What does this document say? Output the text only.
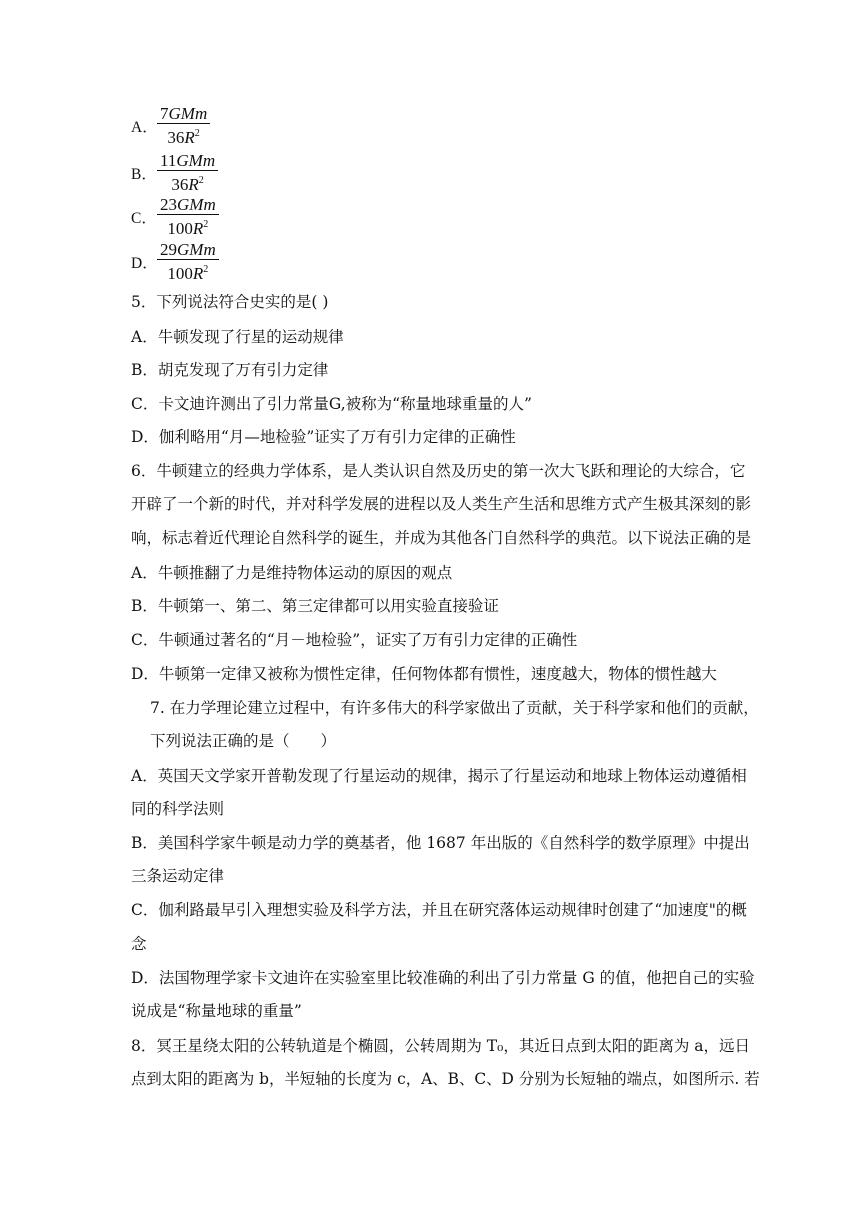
A． $\frac{\text{7GMm}}{36R^2}$
B． $\frac{\text{11GMm}}{36R^2}$
C． $\frac{\text{23GMm}}{100R^2}$
D． $\frac{\text{29GMm}}{100R^2}$
5．下列说法符合史实的是( )
A．牛顿发现了行星的运动规律
B．胡克发现了万有引力定律
C．卡文迪许测出了引力常量G,被称为“称量地球重量的人”
D．伽利略用“月—地检验”证实了万有引力定律的正确性
6．牛顿建立的经典力学体系，是人类认识自然及历史的第一次大飞跃和理论的大综合，它
开辟了一个新的时代，并对科学发展的进程以及人类生产生活和思维方式产生极其深刻的影
响，标志着近代理论自然科学的诞生，并成为其他各门自然科学的典范。以下说法正确的是
A．牛顿推翻了力是维持物体运动的原因的观点
B．牛顿第一、第二、第三定律都可以用实验直接验证
C．牛顿通过著名的“月－地检验”，证实了万有引力定律的正确性
D．牛顿第一定律又被称为惯性定律，任何物体都有惯性，速度越大，物体的惯性越大
7. 在力学理论建立过程中，有许多伟大的科学家做出了贡献，关于科学家和他们的贡献，
下列说法正确的是（　　）
A．英国天文学家开普勒发现了行星运动的规律，揭示了行星运动和地球上物体运动遵循相
同的科学法则
B．美国科学家牛顿是动力学的奠基者，他 1687 年出版的《自然科学的数学原理》中提出
三条运动定律
C．伽利路最早引入理想实验及科学方法，并且在研究落体运动规律时创建了“加速度"的概
念
D．法国物理学家卡文迪许在实验室里比较准确的利出了引力常量 G 的值，他把自己的实验
说成是“称量地球的重量”
8．冥王星绕太阳的公转轨道是个椭圆，公转周期为 T₀，其近日点到太阳的距离为 a，远日
点到太阳的距离为 b，半短轴的长度为 c，A、B、C、D 分别为长短轴的端点，如图所示. 若
